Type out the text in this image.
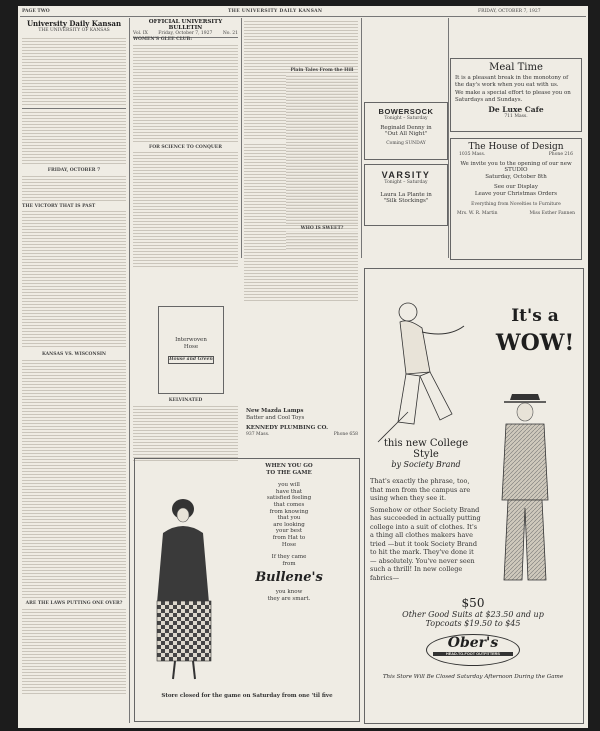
PAGE TWO	THE UNIVERSITY DAILY KANSAN	FRIDAY, OCTOBER 7, 1927
University Daily Kansan
THE UNIVERSITY OF KANSAS
FRIDAY, OCTOBER 7
THE VICTORY THAT IS PAST
KANSAS VS. WISCONSIN
ARE THE LAWS PUTTING ONE OVER?
OFFICIAL UNIVERSITY BULLETIN
Vol. IX Friday, October 7, 1927 No. 21
WOMEN'S GLEE CLUB:
FOR SCIENCE TO CONQUER
Interwoven
Hose
House and Green
KELVINATED
New Mazda Lamps
Batter and Cool Toys
KENNEDY PLUMBING CO.
937 Mass.	Phone 658
Plain Tales From the Hill
WHO IS SWEET?
BOWERSOCK
Tonight – Saturday
Reginald Denny in
"Out All Night"
Coming SUNDAY
VARSITY
Tonight – Saturday
Laura La Plante in
"Silk Stockings"
Meal Time
It is a pleasant break in the monotony of the day's work when you eat with us.
We make a special effort to please you on Saturdays and Sundays.
De Luxe Cafe
711 Mass.
The House of Design
1035 Mass.	Phone 216
We invite you to the opening of our new STUDIO
Saturday, October 8th
See our Display
Leave your Christmas Orders
Everything from Novelties to Furniture
Mrs. W. R. Martin	Miss Esther Fannen
WHEN YOU GO
TO THE GAME
you will
have that
satisfied feeling
that comes
from knowing
that you
are looking
your best
from Hat to
Hose
If they came
from
Bullene's
you know
they are smart.
Store closed for the game on Saturday from one 'til five
It's a
WOW!
this new College Style
by Society Brand
That's exactly the phrase, too, that men from the campus are using when they see it.
Somehow or other Society Brand has succeeded in actually putting college into a suit of clothes. It's a thing all clothes makers have tried —but it took Society Brand to hit the mark. They've done it — absolutely. You've never seen such a thrill! In new college fabrics—
$50
Other Good Suits at $23.50 and up
Topcoats $19.50 to $45
Ober's
HEAD-TO-FOOT OUTFITTERS
This Store Will Be Closed Saturday Afternoon During the Game
